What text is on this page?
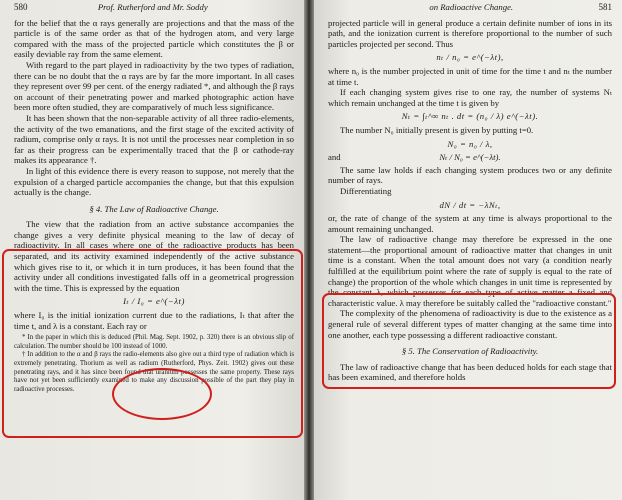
580	Prof. Rutherford and Mr. Soddy

for the belief that the α rays generally are projections and that the mass of the particle is of the same order as that of the hydrogen atom, and very large compared with the mass of the projected particle which constitutes the β or easily deviable ray from the same element.

With regard to the part played in radioactivity by the two types of radiation, there can be no doubt that the α rays are by far the more important. In all cases they represent over 99 per cent. of the energy radiated *, and although the β rays on account of their penetrating power and marked photographic action have been more often studied, they are comparatively of much less significance.

It has been shown that the non-separable activity of all three radio-elements, the activity of the two emanations, and the first stage of the excited activity of radium, comprise only α rays. It is not until the processes near completion in so far as their progress can be experimentally traced that the β or cathode-ray makes its appearance †.

In light of this evidence there is every reason to suppose, not merely that the expulsion of a charged particle accompanies the change, but that this expulsion actually is the change.

§ 4. The Law of Radioactive Change.

The view that the radiation from an active substance accompanies the change gives a very definite physical meaning to the law of decay of radioactivity. In all cases where one of the radioactive products has been separated, and its activity examined independently of the active substance which gives rise to it, or which it in turn produces, it has been found that the activity under all conditions investigated falls off in a geometrical progression with the time. This is expressed by the equation

Iₜ / I₀ = e^(−λt)

where I₀ is the initial ionization current due to the radiations, Iₜ that after the time t, and λ is a constant. Each ray or

* In the paper in which this is deduced (Phil. Mag. Sept. 1902, p. 320) there is an obvious slip of calculation. The number should be 100 instead of 1000.

† In addition to the α and β rays the radio-elements also give out a third type of radiation which is extremely penetrating. Thorium as well as radium (Rutherford, Phys. Zeit. 1902) gives out these penetrating rays, and it has since been found that uranium possesses the same property. These rays have not yet been sufficiently examined to make any discussion possible of the part they play in radioactive processes.

on Radioactive Change.	581

projected particle will in general produce a certain definite number of ions in its path, and the ionization current is therefore proportional to the number of such particles projected per second. Thus

nₜ / n₀ = e^(−λt),

where n₀ is the number projected in unit of time for the time t and nₜ the number at time t.

If each changing system gives rise to one ray, the number of systems Nₜ which remain unchanged at the time t is given by

Nₜ = ∫ₜ^∞ nₜ . dt = (n₀ / λ) e^(−λt).

The number N₀ initially present is given by putting t=0.

N₀ = n₀ / λ,
and	Nₜ / N₀ = e^(−λt).

The same law holds if each changing system produces two or any definite number of rays.

Differentiating

dN / dt = −λNₜ,

or, the rate of change of the system at any time is always proportional to the amount remaining unchanged.

The law of radioactive change may therefore be expressed in the one statement—the proportional amount of radioactive matter that changes in unit time is a constant. When the total amount does not vary (a condition nearly fulfilled at the equilibrium point where the rate of supply is equal to the rate of change) the proportion of the whole which changes in unit time is represented by the constant λ, which possesses for each type of active matter a fixed and characteristic value. λ may therefore be suitably called the "radioactive constant."

The complexity of the phenomena of radioactivity is due to the existence as a general rule of several different types of matter changing at the same time into one another, each type possessing a different radioactive constant.

§ 5. The Conservation of Radioactivity.

The law of radioactive change that has been deduced holds for each stage that has been examined, and therefore holds
